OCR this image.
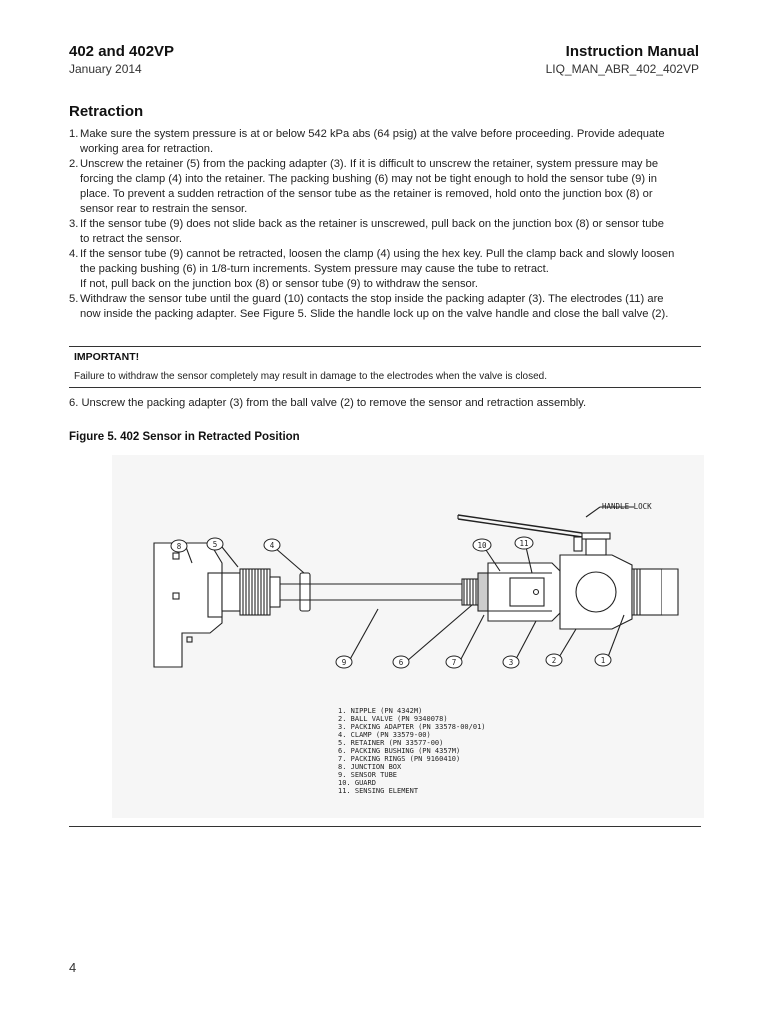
402 and 402VP
January 2014
Instruction Manual
LIQ_MAN_ABR_402_402VP
Retraction
1. Make sure the system pressure is at or below 542 kPa abs (64 psig) at the valve before proceeding. Provide adequate

working area for retraction.

2. Unscrew the retainer (5) from the packing adapter (3). If it is difficult to unscrew the retainer, system pressure may be

forcing the clamp (4) into the retainer. The packing bushing (6) may not be tight enough to hold the sensor tube (9) in

place. To prevent a sudden retraction of the sensor tube as the retainer is removed, hold onto the junction box (8) or

sensor rear to restrain the sensor.

3. If the sensor tube (9) does not slide back as the retainer is unscrewed, pull back on the junction box (8) or sensor tube

to retract the sensor.

4. If the sensor tube (9) cannot be retracted, loosen the clamp (4) using the hex key. Pull the clamp back and slowly loosen

the packing bushing (6) in 1/8-turn increments. System pressure may cause the tube to retract.

If not, pull back on the junction box (8) or sensor tube (9) to withdraw the sensor.

5. Withdraw the sensor tube until the guard (10) contacts the stop inside the packing adapter (3). The electrodes (11) are

now inside the packing adapter. See Figure 5. Slide the handle lock up on the valve handle and close the ball valve (2).

IMPORTANT!
Failure to withdraw the sensor completely may result in damage to the electrodes when the valve is closed.
6. Unscrew the packing adapter (3) from the ball valve (2) to remove the sensor and retraction assembly.
Figure 5. 402 Sensor in Retracted Position
8	5	4	10	11
9	6	7	3	2	1
HANDLE LOCK
1. NIPPLE (PN 4342M)
2. BALL VALVE (PN 9340078)
3. PACKING ADAPTER (PN 33578-00/01)
4. CLAMP (PN 33579-00)
5. RETAINER (PN 33577-00)
6. PACKING BUSHING (PN 4357M)
7. PACKING RINGS (PN 9160410)
8. JUNCTION BOX
9. SENSOR TUBE
10. GUARD
11. SENSING ELEMENT
4
